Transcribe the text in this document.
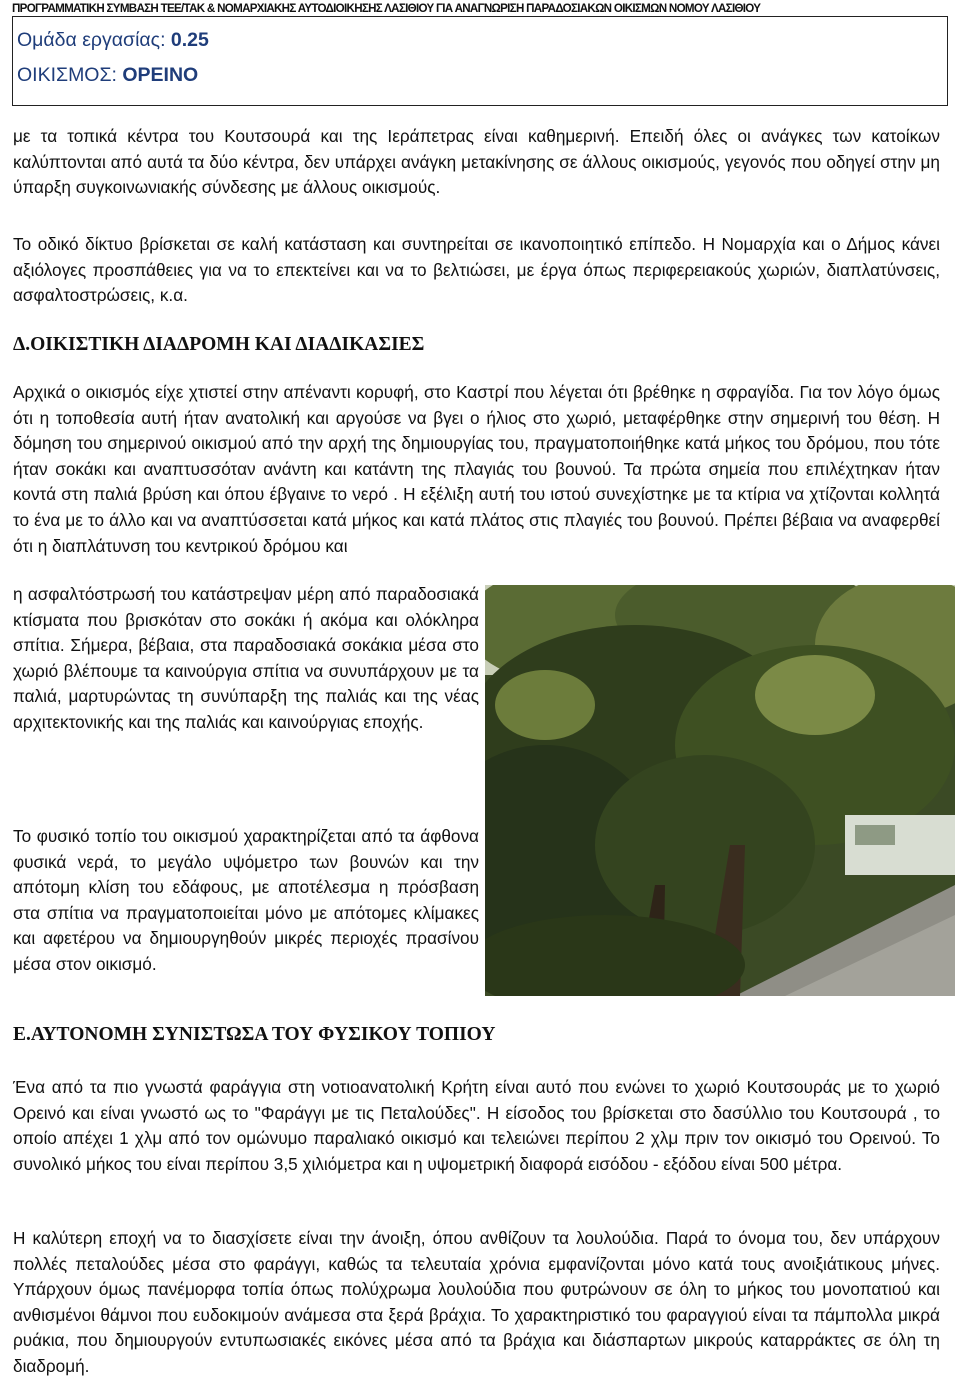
ΠΡΟΓΡΑΜΜΑΤΙΚΗ ΣΥΜΒΑΣΗ ΤΕΕ/ΤΑΚ & ΝΟΜΑΡΧΙΑΚΗΣ ΑΥΤΟΔΙΟΙΚΗΣΗΣ ΛΑΣΙΘΙΟΥ ΓΙΑ ΑΝΑΓΝΩΡΙΣΗ ΠΑΡΑΔΟΣΙΑΚΩΝ ΟΙΚΙΣΜΩΝ ΝΟΜΟΥ ΛΑΣΙΘΙΟΥ
Ομάδα εργασίας: 0.25
ΟΙΚΙΣΜΟΣ: ΟΡΕΙΝΟ
με τα τοπικά κέντρα του Κουτσουρά και της Ιεράπετρας είναι καθημερινή. Επειδή όλες οι ανάγκες των κατοίκων καλύπτονται από αυτά τα δύο κέντρα, δεν υπάρχει ανάγκη μετακίνησης σε άλλους οικισμούς, γεγονός που οδηγεί στην μη ύπαρξη συγκοινωνιακής σύνδεσης με άλλους οικισμούς.
Το οδικό δίκτυο βρίσκεται σε καλή κατάσταση και συντηρείται σε ικανοποιητικό επίπεδο. Η Νομαρχία και ο Δήμος κάνει αξιόλογες προσπάθειες για να το επεκτείνει και να το βελτιώσει, με έργα όπως περιφερειακούς χωριών, διαπλατύνσεις, ασφαλτοστρώσεις, κ.α.
Δ.ΟΙΚΙΣΤΙΚΗ ΔΙΑΔΡΟΜΗ ΚΑΙ ΔΙΑΔΙΚΑΣΙΕΣ
Αρχικά ο οικισμός είχε χτιστεί στην απέναντι κορυφή, στο Καστρί που λέγεται ότι βρέθηκε η σφραγίδα. Για τον λόγο όμως ότι η τοποθεσία αυτή ήταν ανατολική και αργούσε να βγει ο ήλιος στο χωριό, μεταφέρθηκε στην σημερινή του θέση. Η δόμηση του σημερινού οικισμού από την αρχή της δημιουργίας του, πραγματοποιήθηκε κατά μήκος του δρόμου, που τότε ήταν σοκάκι και αναπτυσσόταν ανάντη και κατάντη της πλαγιάς του βουνού. Τα πρώτα σημεία που επιλέχτηκαν ήταν κοντά στη παλιά βρύση και όπου έβγαινε το νερό . Η εξέλιξη αυτή του ιστού συνεχίστηκε με τα κτίρια να χτίζονται κολλητά το ένα με το άλλο και να αναπτύσσεται κατά μήκος και κατά πλάτος στις πλαγιές του βουνού. Πρέπει βέβαια να αναφερθεί ότι η διαπλάτυνση του κεντρικού δρόμου και
η ασφαλτόστρωσή του κατάστρεψαν μέρη από παραδοσιακά κτίσματα που βρισκόταν στο σοκάκι ή ακόμα και ολόκληρα σπίτια. Σήμερα, βέβαια, στα παραδοσιακά σοκάκια μέσα στο χωριό βλέπουμε τα καινούργια σπίτια να συνυπάρχουν με τα παλιά, μαρτυρώντας τη συνύπαρξη της παλιάς και της νέας αρχιτεκτονικής και της παλιάς και καινούργιας εποχής.
Το φυσικό τοπίο του οικισμού χαρακτηρίζεται από τα άφθονα φυσικά νερά, το μεγάλο υψόμετρο των βουνών και την απότομη κλίση του εδάφους, με αποτέλεσμα η πρόσβαση στα σπίτια να πραγματοποιείται μόνο με απότομες κλίμακες και αφετέρου να δημιουργηθούν μικρές περιοχές πρασίνου μέσα στον οικισμό.
Ε.ΑΥΤΟΝΟΜΗ ΣΥΝΙΣΤΩΣΑ ΤΟΥ ΦΥΣΙΚΟΥ ΤΟΠΙΟΥ
Ένα από τα πιο γνωστά φαράγγια στη νοτιοανατολική Κρήτη είναι αυτό που ενώνει το χωριό Κουτσουράς με το χωριό Ορεινό και είναι γνωστό ως το "Φαράγγι με τις Πεταλούδες". Η είσοδος του βρίσκεται στο δασύλλιο του Κουτσουρά , το οποίο απέχει 1 χλμ από τον ομώνυμο παραλιακό οικισμό και τελειώνει περίπου 2 χλμ πριν τον οικισμό του Ορεινού. Το συνολικό μήκος του είναι περίπου 3,5 χιλιόμετρα και η υψομετρική διαφορά εισόδου - εξόδου είναι 500 μέτρα.
Η καλύτερη εποχή να το διασχίσετε είναι την άνοιξη, όπου ανθίζουν τα λουλούδια. Παρά το όνομα του, δεν υπάρχουν πολλές πεταλούδες μέσα στο φαράγγι, καθώς τα τελευταία χρόνια εμφανίζονται μόνο κατά τους ανοιξιάτικους μήνες. Υπάρχουν όμως πανέμορφα τοπία όπως πολύχρωμα λουλούδια που φυτρώνουν σε όλη το μήκος του μονοπατιού και ανθισμένοι θάμνοι που ευδοκιμούν ανάμεσα στα ξερά βράχια. Το χαρακτηριστικό του φαραγγιού είναι τα πάμπολλα μικρά ρυάκια, που δημιουργούν εντυπωσιακές εικόνες μέσα από τα βράχια και διάσπαρτων μικρούς καταρράκτες σε όλη τη διαδρομή.
